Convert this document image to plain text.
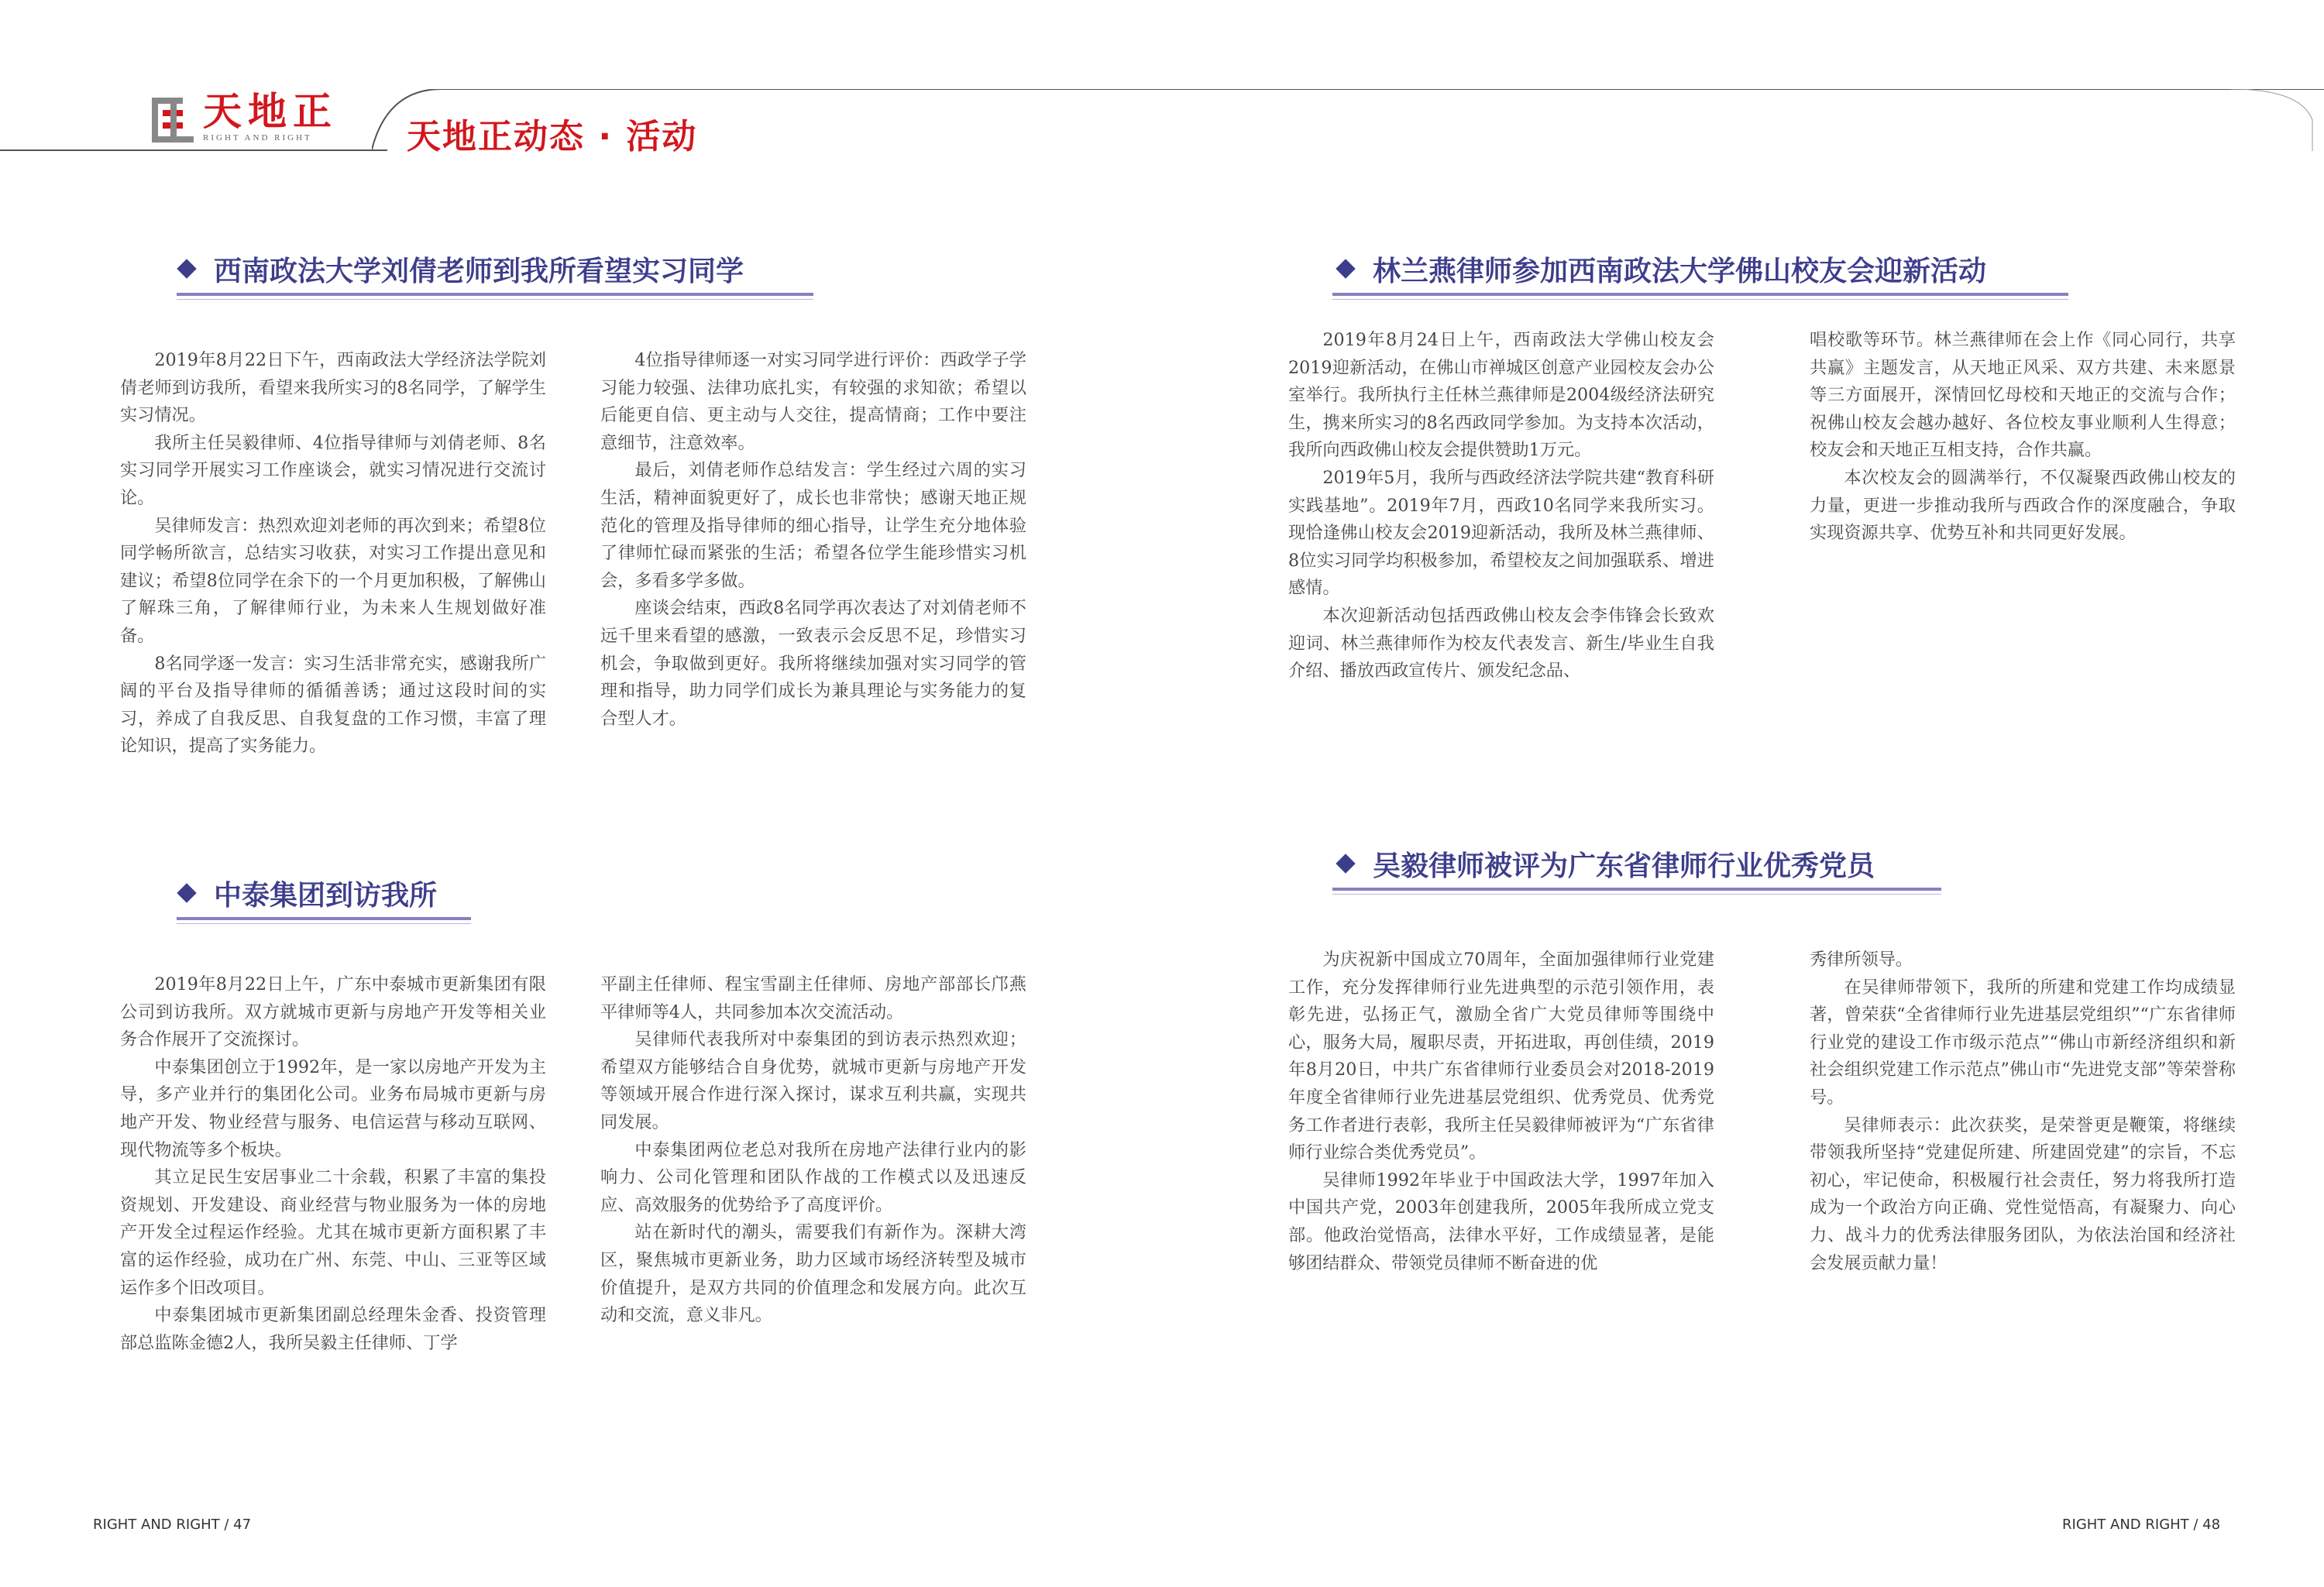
天地正
RIGHT AND RIGHT	天地正动态 · 活动
西南政法大学刘倩老师到我所看望实习同学

2019年8月22日下午，西南政法大学经济法学院刘倩老师到访我所，看望来我所实习的8名同学，了解学生实习情况。

我所主任吴毅律师、4位指导律师与刘倩老师、8名实习同学开展实习工作座谈会，就实习情况进行交流讨论。

吴律师发言：热烈欢迎刘老师的再次到来；希望8位同学畅所欲言，总结实习收获，对实习工作提出意见和建议；希望8位同学在余下的一个月更加积极，了解佛山了解珠三角，了解律师行业，为未来人生规划做好准备。

8名同学逐一发言：实习生活非常充实，感谢我所广阔的平台及指导律师的循循善诱；通过这段时间的实习，养成了自我反思、自我复盘的工作习惯，丰富了理论知识，提高了实务能力。

4位指导律师逐一对实习同学进行评价：西政学子学习能力较强、法律功底扎实，有较强的求知欲；希望以后能更自信、更主动与人交往，提高情商；工作中要注意细节，注意效率。

最后，刘倩老师作总结发言：学生经过六周的实习生活，精神面貌更好了，成长也非常快；感谢天地正规范化的管理及指导律师的细心指导，让学生充分地体验了律师忙碌而紧张的生活；希望各位学生能珍惜实习机会，多看多学多做。

座谈会结束，西政8名同学再次表达了对刘倩老师不远千里来看望的感激，一致表示会反思不足，珍惜实习机会，争取做到更好。我所将继续加强对实习同学的管理和指导，助力同学们成长为兼具理论与实务能力的复合型人才。

中泰集团到访我所

2019年8月22日上午，广东中泰城市更新集团有限公司到访我所。双方就城市更新与房地产开发等相关业务合作展开了交流探讨。

中泰集团创立于1992年，是一家以房地产开发为主导，多产业并行的集团化公司。业务布局城市更新与房地产开发、物业经营与服务、电信运营与移动互联网、现代物流等多个板块。

其立足民生安居事业二十余载，积累了丰富的集投资规划、开发建设、商业经营与物业服务为一体的房地产开发全过程运作经验。尤其在城市更新方面积累了丰富的运作经验，成功在广州、东莞、中山、三亚等区域运作多个旧改项目。

中泰集团城市更新集团副总经理朱金香、投资管理部总监陈金德2人，我所吴毅主任律师、丁学

平副主任律师、程宝雪副主任律师、房地产部部长邝燕平律师等4人，共同参加本次交流活动。

吴律师代表我所对中泰集团的到访表示热烈欢迎；希望双方能够结合自身优势，就城市更新与房地产开发等领域开展合作进行深入探讨，谋求互利共赢，实现共同发展。

中泰集团两位老总对我所在房地产法律行业内的影响力、公司化管理和团队作战的工作模式以及迅速反应、高效服务的优势给予了高度评价。

站在新时代的潮头，需要我们有新作为。深耕大湾区，聚焦城市更新业务，助力区域市场经济转型及城市价值提升，是双方共同的价值理念和发展方向。此次互动和交流，意义非凡。

林兰燕律师参加西南政法大学佛山校友会迎新活动

2019年8月24日上午，西南政法大学佛山校友会2019迎新活动，在佛山市禅城区创意产业园校友会办公室举行。我所执行主任林兰燕律师是2004级经济法研究生，携来所实习的8名西政同学参加。为支持本次活动，我所向西政佛山校友会提供赞助1万元。

2019年5月，我所与西政经济法学院共建“教育科研实践基地”。2019年7月，西政10名同学来我所实习。现恰逢佛山校友会2019迎新活动，我所及林兰燕律师、8位实习同学均积极参加，希望校友之间加强联系、增进感情。

本次迎新活动包括西政佛山校友会李伟锋会长致欢迎词、林兰燕律师作为校友代表发言、新生/毕业生自我介绍、播放西政宣传片、颁发纪念品、

唱校歌等环节。林兰燕律师在会上作《同心同行，共享共赢》主题发言，从天地正风采、双方共建、未来愿景等三方面展开，深情回忆母校和天地正的交流与合作；祝佛山校友会越办越好、各位校友事业顺利人生得意；校友会和天地正互相支持，合作共赢。

本次校友会的圆满举行，不仅凝聚西政佛山校友的力量，更进一步推动我所与西政合作的深度融合，争取实现资源共享、优势互补和共同更好发展。

吴毅律师被评为广东省律师行业优秀党员

为庆祝新中国成立70周年，全面加强律师行业党建工作，充分发挥律师行业先进典型的示范引领作用，表彰先进，弘扬正气，激励全省广大党员律师等围绕中心，服务大局，履职尽责，开拓进取，再创佳绩，2019年8月20日，中共广东省律师行业委员会对2018-2019年度全省律师行业先进基层党组织、优秀党员、优秀党务工作者进行表彰，我所主任吴毅律师被评为“广东省律师行业综合类优秀党员”。

吴律师1992年毕业于中国政法大学，1997年加入中国共产党，2003年创建我所，2005年我所成立党支部。他政治觉悟高，法律水平好，工作成绩显著，是能够团结群众、带领党员律师不断奋进的优

秀律所领导。

在吴律师带领下，我所的所建和党建工作均成绩显著，曾荣获“全省律师行业先进基层党组织”“广东省律师行业党的建设工作市级示范点”“佛山市新经济组织和新社会组织党建工作示范点”佛山市“先进党支部”等荣誉称号。

吴律师表示：此次获奖，是荣誉更是鞭策，将继续带领我所坚持“党建促所建、所建固党建”的宗旨，不忘初心，牢记使命，积极履行社会责任，努力将我所打造成为一个政治方向正确、党性觉悟高，有凝聚力、向心力、战斗力的优秀法律服务团队，为依法治国和经济社会发展贡献力量！

RIGHT AND RIGHT / 47	RIGHT AND RIGHT / 48
